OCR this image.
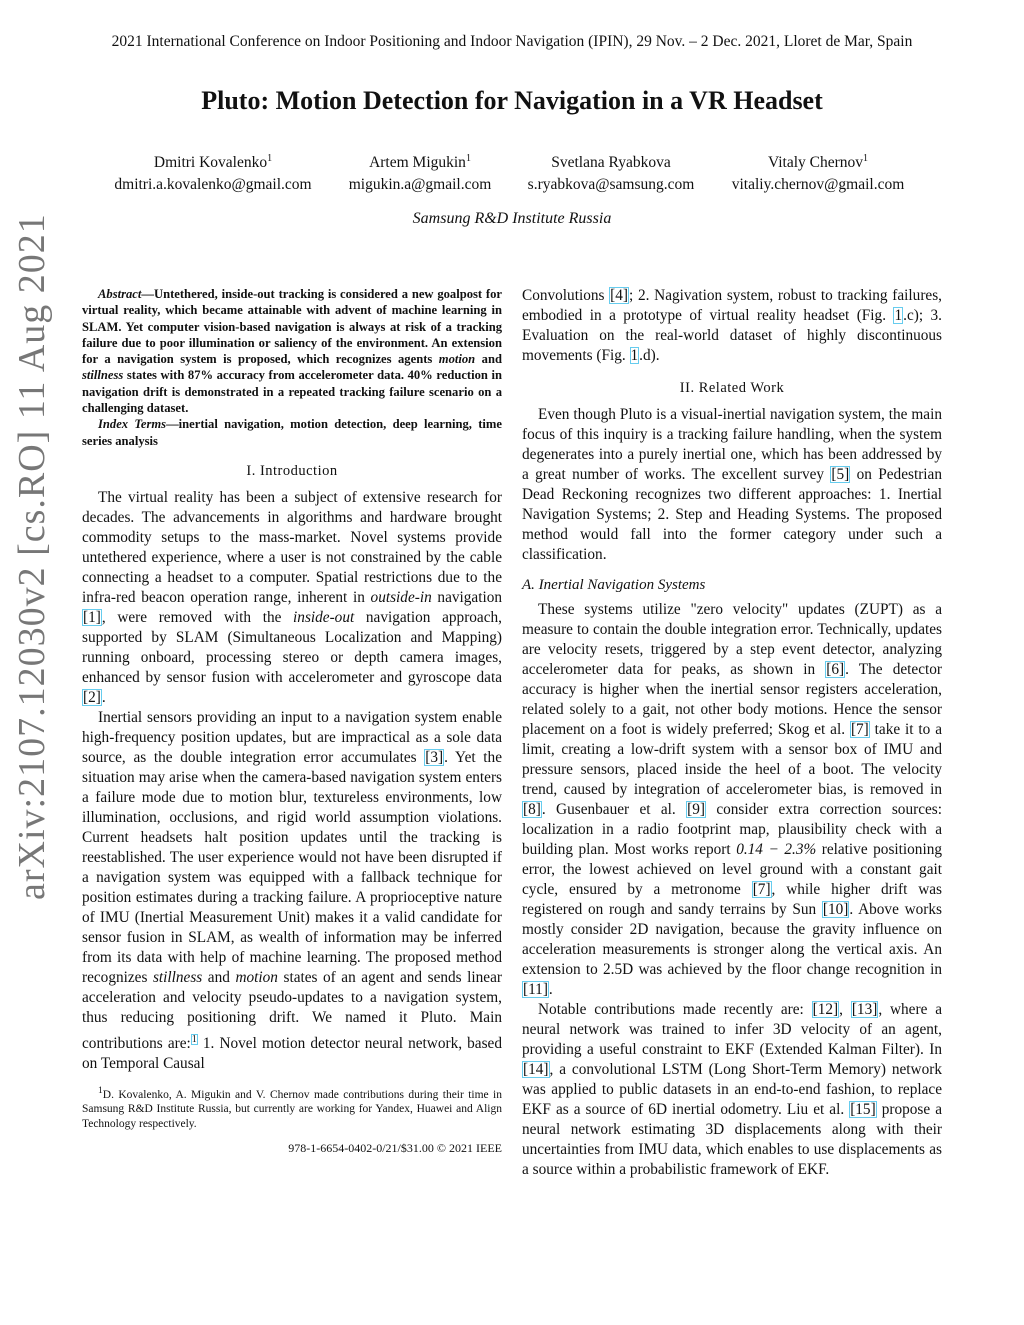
2021 International Conference on Indoor Positioning and Indoor Navigation (IPIN), 29 Nov. – 2 Dec. 2021, Lloret de Mar, Spain
Pluto: Motion Detection for Navigation in a VR Headset
Dmitri Kovalenko$^1$
dmitri.a.kovalenko@gmail.com
Artem Migukin$^1$
migukin.a@gmail.com
Svetlana Ryabkova
s.ryabkova@samsung.com
Vitaly Chernov$^1$
vitaliy.chernov@gmail.com
Samsung R&D Institute Russia
arXiv:2107.12030v2 [cs.RO] 11 Aug 2021	Abstract—Untethered, inside-out tracking is considered a new goalpost for virtual reality, which became attainable with advent of machine learning in SLAM. Yet computer vision-based navigation is always at risk of a tracking failure due to poor illumination or saliency of the environment. An extension for a navigation system is proposed, which recognizes agents motion and stillness states with 87% accuracy from accelerometer data. 40% reduction in navigation drift is demonstrated in a repeated tracking failure scenario on a challenging dataset.

Index Terms—inertial navigation, motion detection, deep learning, time series analysis

I. Introduction

The virtual reality has been a subject of extensive research for decades. The advancements in algorithms and hardware brought commodity setups to the mass-market. Novel systems provide untethered experience, where a user is not constrained by the cable connecting a headset to a computer. Spatial restrictions due to the infra-red beacon operation range, inherent in outside-in navigation [1], were removed with the inside-out navigation approach, supported by SLAM (Simultaneous Localization and Mapping) running onboard, processing stereo or depth camera images, enhanced by sensor fusion with accelerometer and gyroscope data [2].

Inertial sensors providing an input to a navigation system enable high-frequency position updates, but are impractical as a sole data source, as the double integration error accumulates [3]. Yet the situation may arise when the camera-based navigation system enters a failure mode due to motion blur, textureless environments, low illumination, occlusions, and rigid world assumption violations. Current headsets halt position updates until the tracking is reestablished. The user experience would not have been disrupted if a navigation system was equipped with a fallback technique for position estimates during a tracking failure. A proprioceptive nature of IMU (Inertial Measurement Unit) makes it a valid candidate for sensor fusion in SLAM, as wealth of information may be inferred from its data with help of machine learning. The proposed method recognizes stillness and motion states of an agent and sends linear acceleration and velocity pseudo-updates to a navigation system, thus reducing positioning drift. We named it Pluto. Main contributions are:$^1$ 1. Novel motion detector neural network, based on Temporal Causal

$^1$D. Kovalenko, A. Migukin and V. Chernov made contributions during their time in Samsung R&D Institute Russia, but currently are working for Yandex, Huawei and Align Technology respectively.

978-1-6654-0402-0/21/$31.00 © 2021 IEEE

Convolutions [4]; 2. Nagivation system, robust to tracking failures, embodied in a prototype of virtual reality headset (Fig. 1.c); 3. Evaluation on the real-world dataset of highly discontinuous movements (Fig. 1.d).

II. Related Work

Even though Pluto is a visual-inertial navigation system, the main focus of this inquiry is a tracking failure handling, when the system degenerates into a purely inertial one, which has been addressed by a great number of works. The excellent survey [5] on Pedestrian Dead Reckoning recognizes two different approaches: 1. Inertial Navigation Systems; 2. Step and Heading Systems. The proposed method would fall into the former category under such a classification.

A. Inertial Navigation Systems

These systems utilize "zero velocity" updates (ZUPT) as a measure to contain the double integration error. Technically, updates are velocity resets, triggered by a step event detector, analyzing accelerometer data for peaks, as shown in [6]. The detector accuracy is higher when the inertial sensor registers acceleration, related solely to a gait, not other body motions. Hence the sensor placement on a foot is widely preferred; Skog et al. [7] take it to a limit, creating a low-drift system with a sensor box of IMU and pressure sensors, placed inside the heel of a boot. The velocity trend, caused by integration of accelerometer bias, is removed in [8]. Gusenbauer et al. [9] consider extra correction sources: localization in a radio footprint map, plausibility check with a building plan. Most works report 0.14 − 2.3% relative positioning error, the lowest achieved on level ground with a constant gait cycle, ensured by a metronome [7], while higher drift was registered on rough and sandy terrains by Sun [10]. Above works mostly consider 2D navigation, because the gravity influence on acceleration measurements is stronger along the vertical axis. An extension to 2.5D was achieved by the floor change recognition in [11].

Notable contributions made recently are: [12], [13], where a neural network was trained to infer 3D velocity of an agent, providing a useful constraint to EKF (Extended Kalman Filter). In [14], a convolutional LSTM (Long Short-Term Memory) network was applied to public datasets in an end-to-end fashion, to replace EKF as a source of 6D inertial odometry. Liu et al. [15] propose a neural network estimating 3D displacements along with their uncertainties from IMU data, which enables to use displacements as a source within a probabilistic framework of EKF.
